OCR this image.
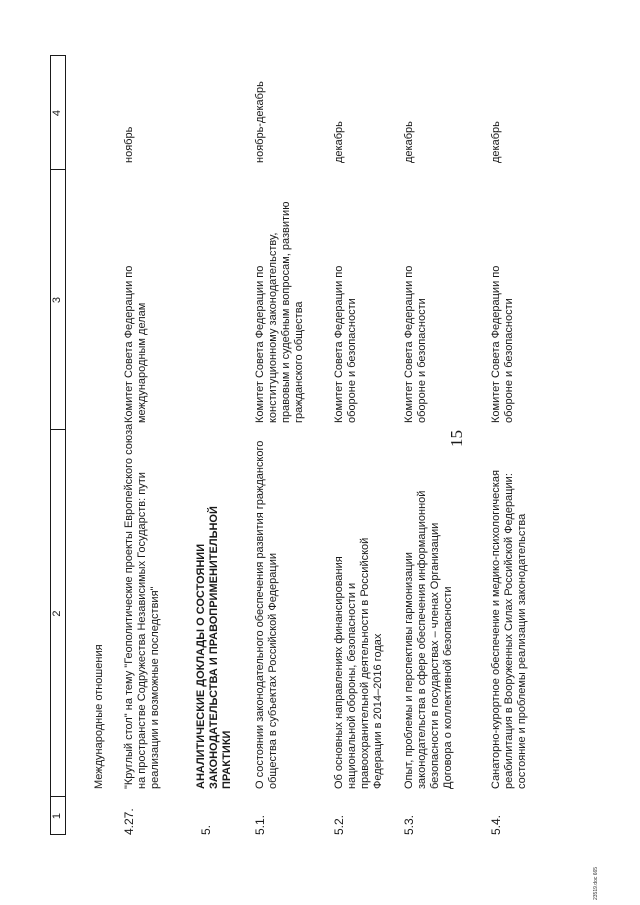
15
1
2
3
4
Международные отношения
4.27.
"Круглый стол" на тему "Геополитические проекты Европейского союза на пространстве Содружества Независимых Государств: пути реализации и возможные последствия"
Комитет Совета Федерации по международным делам
ноябрь
5.
АНАЛИТИЧЕСКИЕ ДОКЛАДЫ О СОСТОЯНИИ ЗАКОНОДАТЕЛЬСТВА И ПРАВОПРИМЕНИТЕЛЬНОЙ ПРАКТИКИ
5.1.
О состоянии законодательного обеспечения развития гражданского общества в субъектах Российской Федерации
Комитет Совета Федерации по конституционному законодательству, правовым и судебным вопросам, развитию гражданского общества
ноябрь-декабрь
5.2.
Об основных направлениях финансирования национальной обороны, безопасности и правоохранительной деятельности в Российской Федерации в 2014–2016 годах
Комитет Совета Федерации по обороне и безопасности
декабрь
5.3.
Опыт, проблемы и перспективы гармонизации законодательства в сфере обеспечения информационной безопасности в государствах – членах Организации Договора о коллективной безопасности
Комитет Совета Федерации по обороне и безопасности
декабрь
5.4.
Санаторно-курортное обеспечение и медико-психологическая реабилитация в Вооруженных Силах Российской Федерации: состояние и проблемы реализации законодательства
Комитет Совета Федерации по обороне и безопасности
декабрь
23519.doc 665
